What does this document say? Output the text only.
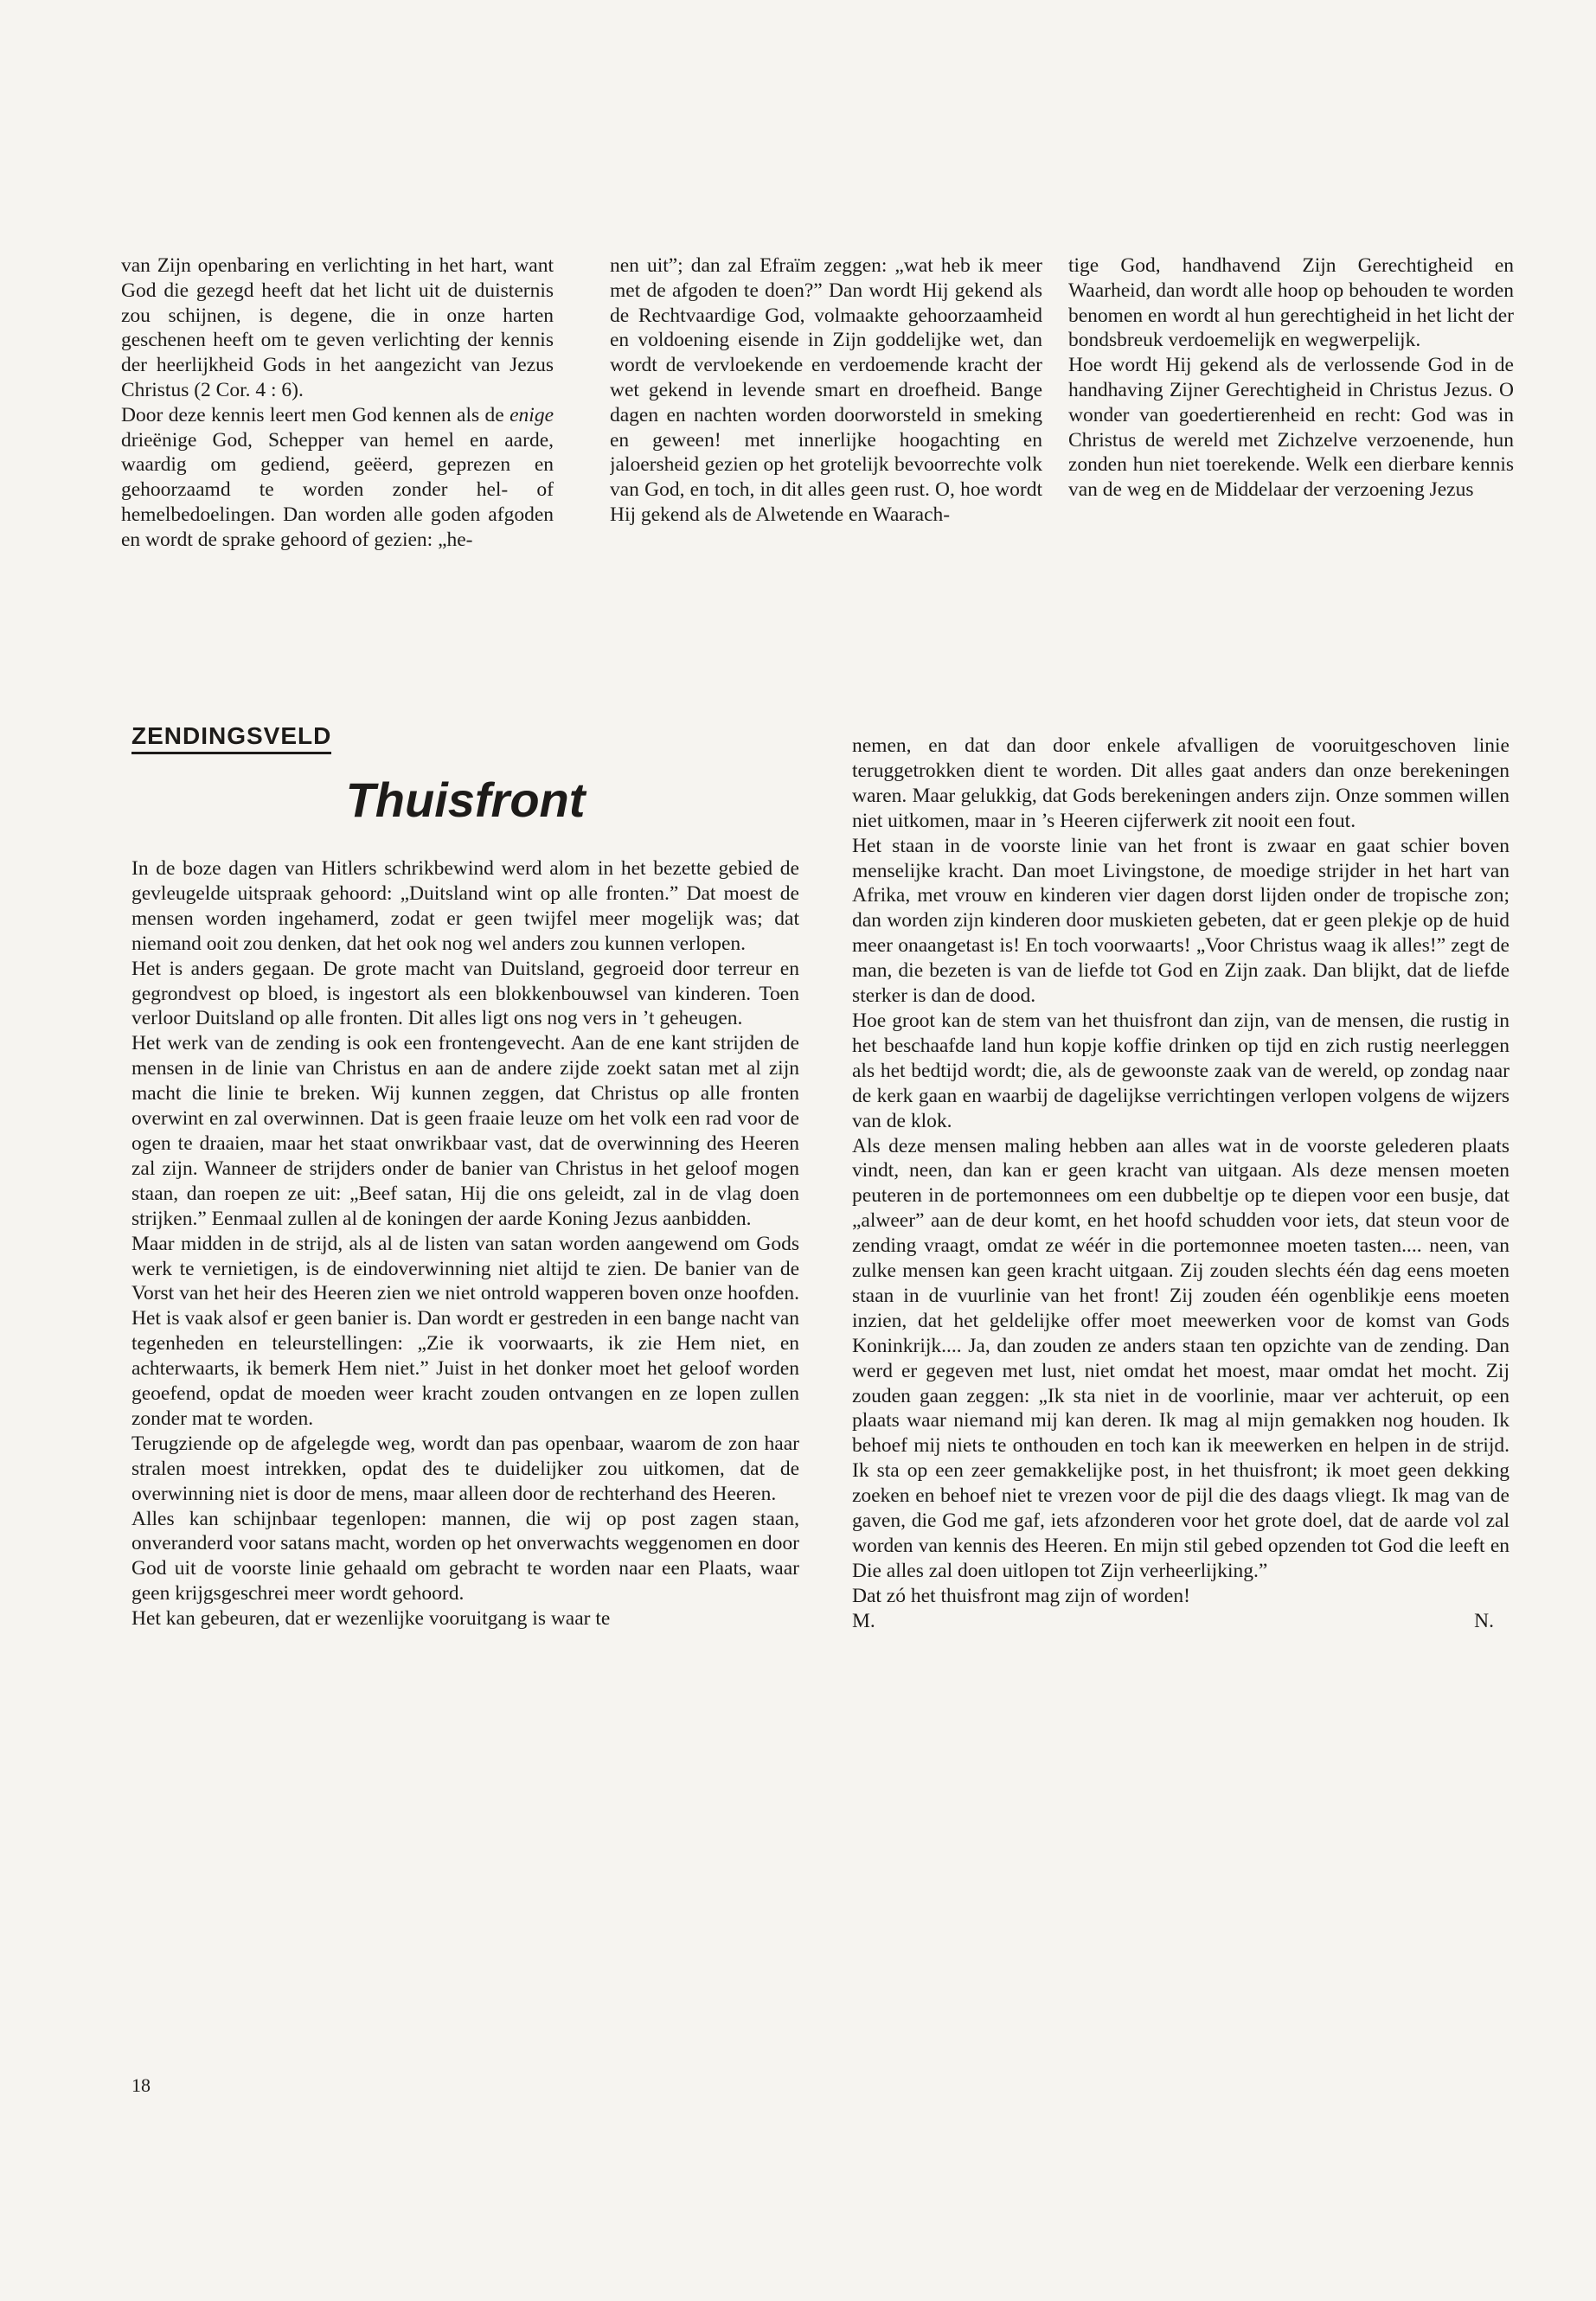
van Zijn openbaring en verlichting in het hart, want God die gezegd heeft dat het licht uit de duisternis zou schijnen, is degene, die in onze harten geschenen heeft om te geven verlichting der kennis der heerlijkheid Gods in het aangezicht van Jezus Christus (2 Cor. 4 : 6).

Door deze kennis leert men God kennen als de enige drieënige God, Schepper van hemel en aarde, waardig om gediend, geëerd, geprezen en gehoorzaamd te worden zonder hel- of hemelbedoelingen. Dan worden alle goden afgoden en wordt de sprake gehoord of gezien: „he-

nen uit”; dan zal Efraïm zeggen: „wat heb ik meer met de afgoden te doen?” Dan wordt Hij gekend als de Rechtvaardige God, volmaakte gehoorzaamheid en voldoening eisende in Zijn goddelijke wet, dan wordt de vervloekende en verdoemende kracht der wet gekend in levende smart en droefheid. Bange dagen en nachten worden doorworsteld in smeking en geween! met innerlijke hoogachting en jaloersheid gezien op het grotelijk bevoorrechte volk van God, en toch, in dit alles geen rust. O, hoe wordt Hij gekend als de Alwetende en Waarach-

tige God, handhavend Zijn Gerechtigheid en Waarheid, dan wordt alle hoop op behouden te worden benomen en wordt al hun gerechtigheid in het licht der bondsbreuk verdoemelijk en wegwerpelijk.

Hoe wordt Hij gekend als de verlossende God in de handhaving Zijner Gerechtigheid in Christus Jezus. O wonder van goedertierenheid en recht: God was in Christus de wereld met Zichzelve verzoenende, hun zonden hun niet toerekende. Welk een dierbare kennis van de weg en de Middelaar der verzoening Jezus

ZENDINGSVELD
Thuisfront

In de boze dagen van Hitlers schrikbewind werd alom in het bezette gebied de gevleugelde uitspraak gehoord: „Duitsland wint op alle fronten.” Dat moest de mensen worden ingehamerd, zodat er geen twijfel meer mogelijk was; dat niemand ooit zou denken, dat het ook nog wel anders zou kunnen verlopen.

Het is anders gegaan. De grote macht van Duitsland, gegroeid door terreur en gegrondvest op bloed, is ingestort als een blokkenbouwsel van kinderen. Toen verloor Duitsland op alle fronten. Dit alles ligt ons nog vers in ’t geheugen.

Het werk van de zending is ook een frontengevecht. Aan de ene kant strijden de mensen in de linie van Christus en aan de andere zijde zoekt satan met al zijn macht die linie te breken. Wij kunnen zeggen, dat Christus op alle fronten overwint en zal overwinnen. Dat is geen fraaie leuze om het volk een rad voor de ogen te draaien, maar het staat onwrikbaar vast, dat de overwinning des Heeren zal zijn. Wanneer de strijders onder de banier van Christus in het geloof mogen staan, dan roepen ze uit: „Beef satan, Hij die ons geleidt, zal in de vlag doen strijken.” Eenmaal zullen al de koningen der aarde Koning Jezus aanbidden.

Maar midden in de strijd, als al de listen van satan worden aangewend om Gods werk te vernietigen, is de eindoverwinning niet altijd te zien. De banier van de Vorst van het heir des Heeren zien we niet ontrold wapperen boven onze hoofden. Het is vaak alsof er geen banier is. Dan wordt er gestreden in een bange nacht van tegenheden en teleurstellingen: „Zie ik voorwaarts, ik zie Hem niet, en achterwaarts, ik bemerk Hem niet.” Juist in het donker moet het geloof worden geoefend, opdat de moeden weer kracht zouden ontvangen en ze lopen zullen zonder mat te worden.

Terugziende op de afgelegde weg, wordt dan pas openbaar, waarom de zon haar stralen moest intrekken, opdat des te duidelijker zou uitkomen, dat de overwinning niet is door de mens, maar alleen door de rechterhand des Heeren.

Alles kan schijnbaar tegenlopen: mannen, die wij op post zagen staan, onveranderd voor satans macht, worden op het onverwachts weggenomen en door God uit de voorste linie gehaald om gebracht te worden naar een Plaats, waar geen krijgsgeschrei meer wordt gehoord.

Het kan gebeuren, dat er wezenlijke vooruitgang is waar te

nemen, en dat dan door enkele afvalligen de vooruitgeschoven linie teruggetrokken dient te worden. Dit alles gaat anders dan onze berekeningen waren. Maar gelukkig, dat Gods berekeningen anders zijn. Onze sommen willen niet uitkomen, maar in ’s Heeren cijferwerk zit nooit een fout.

Het staan in de voorste linie van het front is zwaar en gaat schier boven menselijke kracht. Dan moet Livingstone, de moedige strijder in het hart van Afrika, met vrouw en kinderen vier dagen dorst lijden onder de tropische zon; dan worden zijn kinderen door muskieten gebeten, dat er geen plekje op de huid meer onaangetast is! En toch voorwaarts! „Voor Christus waag ik alles!” zegt de man, die bezeten is van de liefde tot God en Zijn zaak. Dan blijkt, dat de liefde sterker is dan de dood.

Hoe groot kan de stem van het thuisfront dan zijn, van de mensen, die rustig in het beschaafde land hun kopje koffie drinken op tijd en zich rustig neerleggen als het bedtijd wordt; die, als de gewoonste zaak van de wereld, op zondag naar de kerk gaan en waarbij de dagelijkse verrichtingen verlopen volgens de wijzers van de klok.

Als deze mensen maling hebben aan alles wat in de voorste gelederen plaats vindt, neen, dan kan er geen kracht van uitgaan. Als deze mensen moeten peuteren in de portemonnees om een dubbeltje op te diepen voor een busje, dat „alweer” aan de deur komt, en het hoofd schudden voor iets, dat steun voor de zending vraagt, omdat ze wéér in die portemonnee moeten tasten.... neen, van zulke mensen kan geen kracht uitgaan. Zij zouden slechts één dag eens moeten staan in de vuurlinie van het front! Zij zouden één ogenblikje eens moeten inzien, dat het geldelijke offer moet meewerken voor de komst van Gods Koninkrijk.... Ja, dan zouden ze anders staan ten opzichte van de zending. Dan werd er gegeven met lust, niet omdat het moest, maar omdat het mocht. Zij zouden gaan zeggen: „Ik sta niet in de voorlinie, maar ver achteruit, op een plaats waar niemand mij kan deren. Ik mag al mijn gemakken nog houden. Ik behoef mij niets te onthouden en toch kan ik meewerken en helpen in de strijd. Ik sta op een zeer gemakkelijke post, in het thuisfront; ik moet geen dekking zoeken en behoef niet te vrezen voor de pijl die des daags vliegt. Ik mag van de gaven, die God me gaf, iets afzonderen voor het grote doel, dat de aarde vol zal worden van kennis des Heeren. En mijn stil gebed opzenden tot God die leeft en Die alles zal doen uitlopen tot Zijn verheerlijking.”

Dat zó het thuisfront mag zijn of worden!

M.	N.
18
